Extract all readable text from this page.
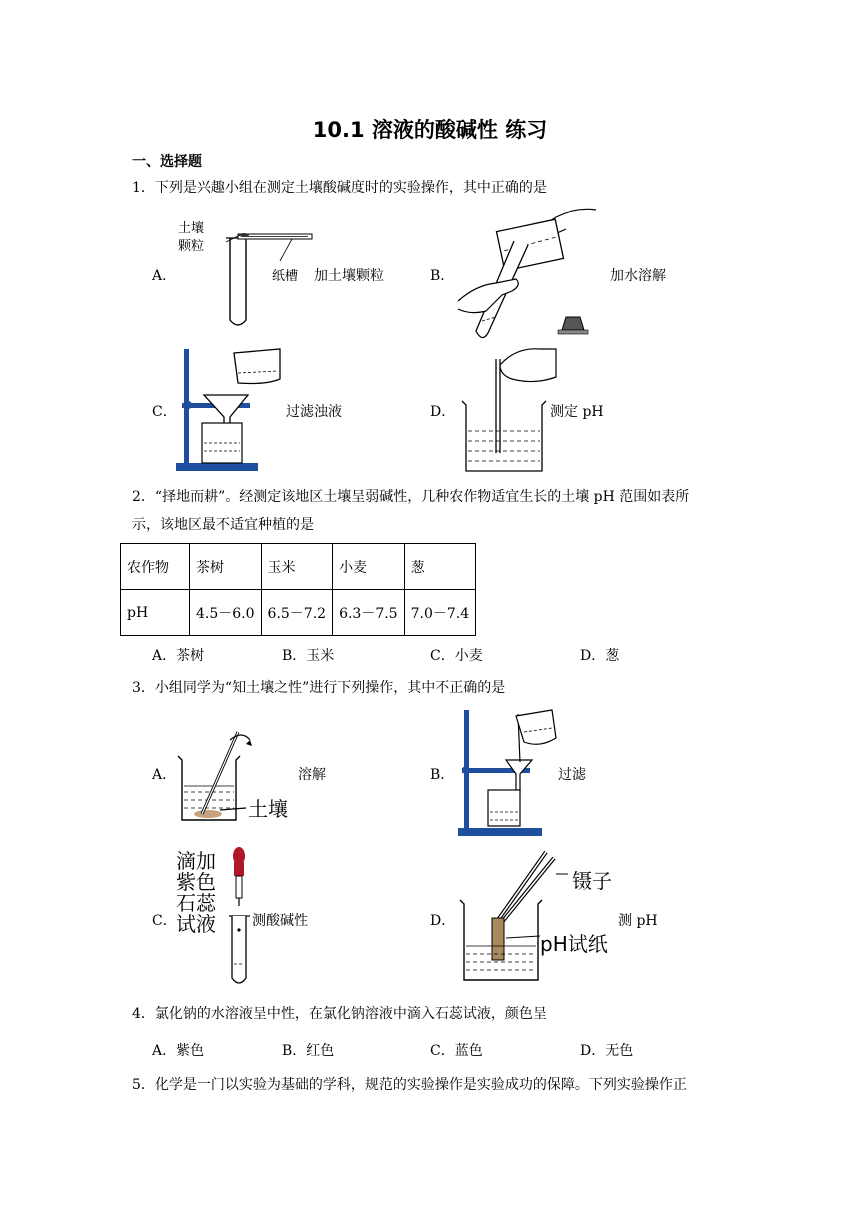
10.1 溶液的酸碱性 练习
一、选择题
1．下列是兴趣小组在测定土壤酸碱度时的实验操作，其中正确的是
A．
土壤
颗粒
纸槽 加土壤颗粒	B．	加水溶解
C．	过滤浊液	D．	测定 pH
2．“择地而耕”。经测定该地区土壤呈弱碱性，几种农作物适宜生长的土壤 pH 范围如表所
示，该地区最不适宜种植的是
农作物	茶树	玉米	小麦	葱
pH	4.5－6.0	6.5－7.2	6.3－7.5	7.0－7.4
A．茶树	B．玉米	C．小麦	D．葱
3．小组同学为“知土壤之性”进行下列操作，其中不正确的是
A．	溶解
土壤
B．	过滤
滴加
紫色
石蕊
试液
C．	测酸碱性	D．	测 pH
镊子
pH试纸
4．氯化钠的水溶液呈中性，在氯化钠溶液中滴入石蕊试液，颜色呈
A．紫色	B．红色	C．蓝色	D．无色
5．化学是一门以实验为基础的学科，规范的实验操作是实验成功的保障。下列实验操作正
